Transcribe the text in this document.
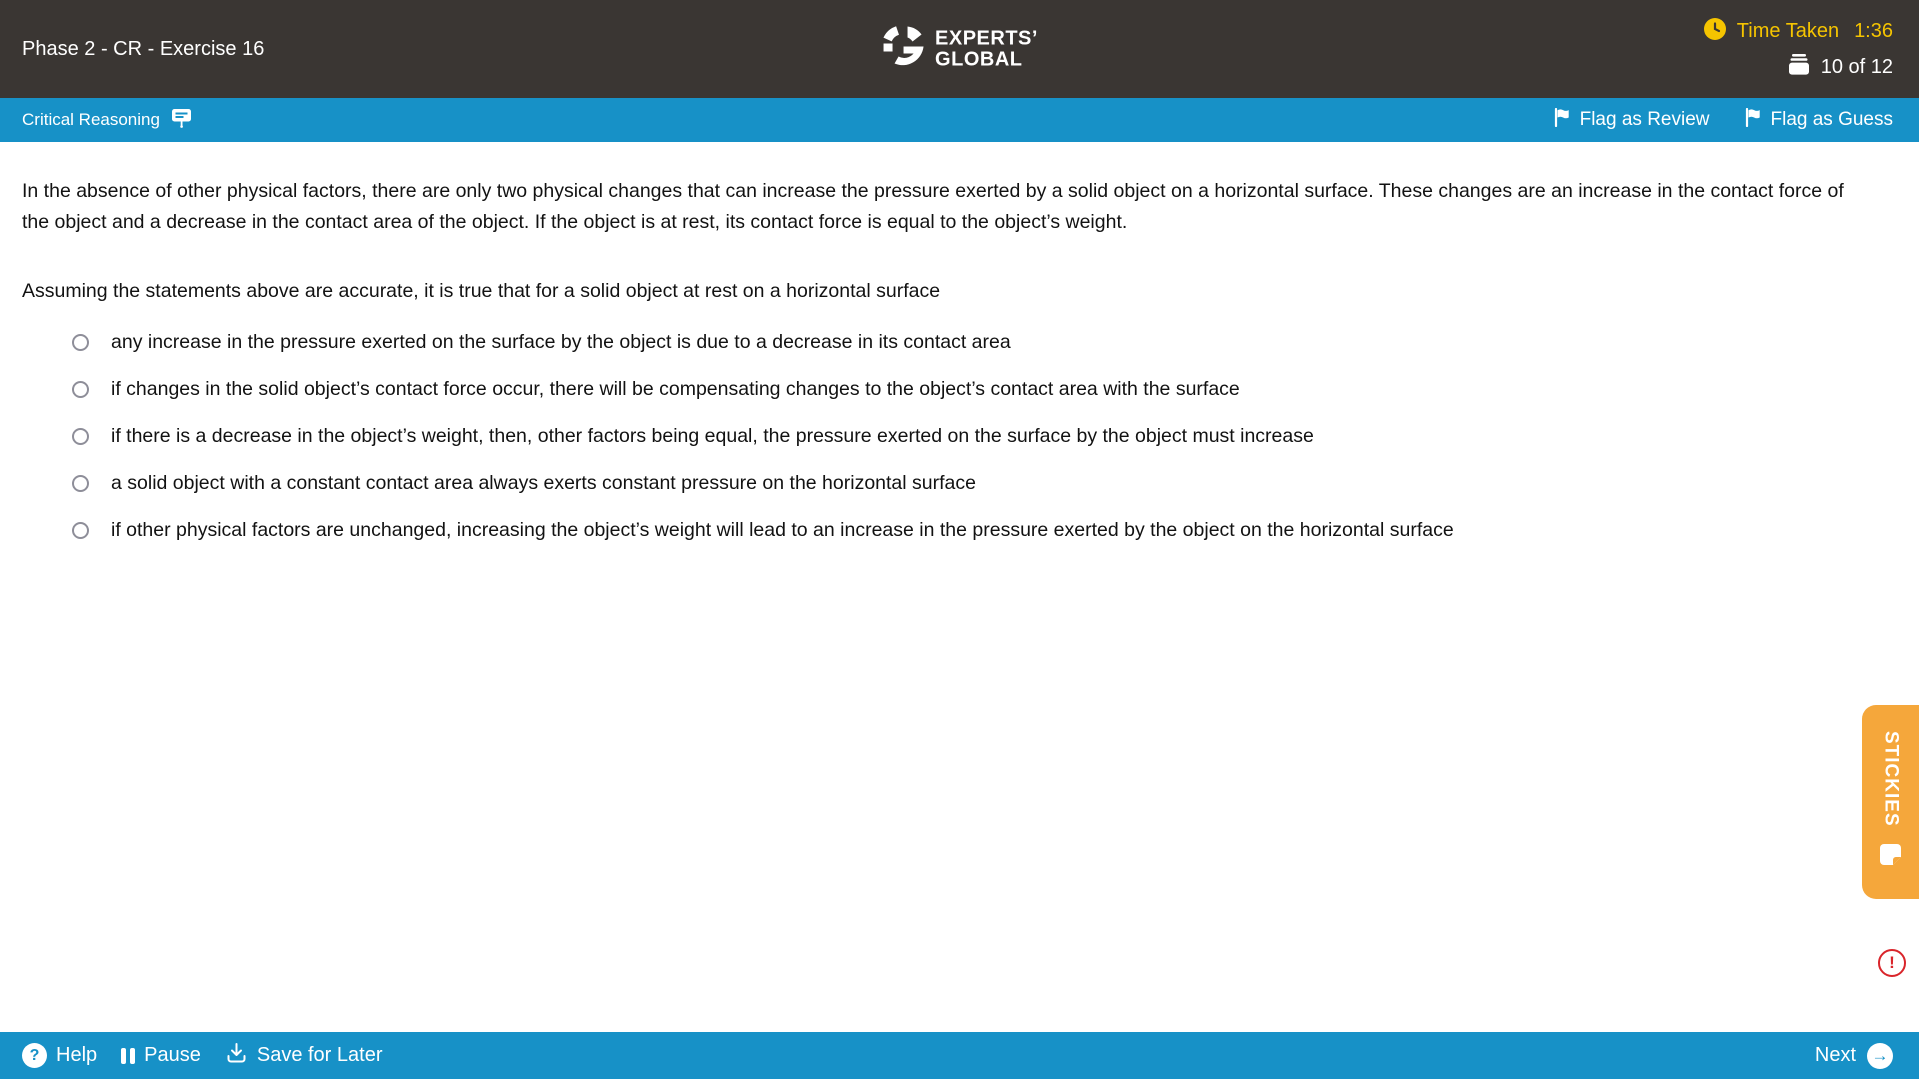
Phase 2 - CR - Exercise 16	EXPERTS’
GLOBAL
Time Taken 1:36
10 of 12
Critical Reasoning	Flag as Review	Flag as Guess
In the absence of other physical factors, there are only two physical changes that can increase the pressure exerted by a solid object on a horizontal surface. These changes are an increase in the contact force of the object and a decrease in the contact area of the object. If the object is at rest, its contact force is equal to the object’s weight.
Assuming the statements above are accurate, it is true that for a solid object at rest on a horizontal surface
any increase in the pressure exerted on the surface by the object is due to a decrease in its contact area
if changes in the solid object’s contact force occur, there will be compensating changes to the object’s contact area with the surface
if there is a decrease in the object’s weight, then, other factors being equal, the pressure exerted on the surface by the object must increase
a solid object with a constant contact area always exerts constant pressure on the horizontal surface
if other physical factors are unchanged, increasing the object’s weight will lead to an increase in the pressure exerted by the object on the horizontal surface
STICKIES
!
? Help Pause	Save for Later	Next →
